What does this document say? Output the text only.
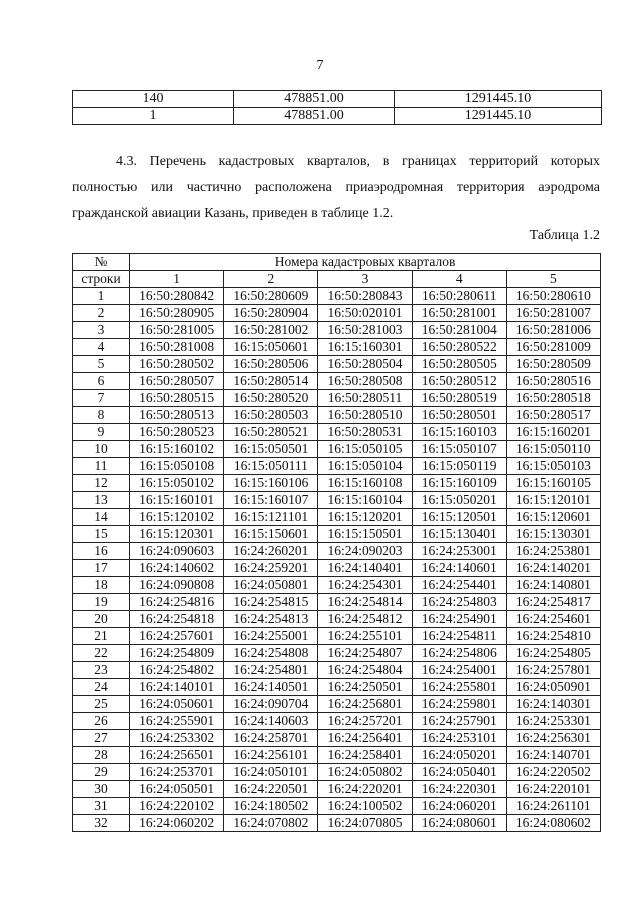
7
140	478851.00	1291445.10
1	478851.00	1291445.10

4.3. Перечень кадастровых кварталов, в границах территорий которых полностью или частично расположена приаэродромная территория аэродрома гражданской авиации Казань, приведен в таблице 1.2.

Таблица 1.2
№	Номера кадастровых кварталов				
строки	1	2	3	4	5
1	16:50:280842	16:50:280609	16:50:280843	16:50:280611	16:50:280610
2	16:50:280905	16:50:280904	16:50:020101	16:50:281001	16:50:281007
3	16:50:281005	16:50:281002	16:50:281003	16:50:281004	16:50:281006
4	16:50:281008	16:15:050601	16:15:160301	16:50:280522	16:50:281009
5	16:50:280502	16:50:280506	16:50:280504	16:50:280505	16:50:280509
6	16:50:280507	16:50:280514	16:50:280508	16:50:280512	16:50:280516
7	16:50:280515	16:50:280520	16:50:280511	16:50:280519	16:50:280518
8	16:50:280513	16:50:280503	16:50:280510	16:50:280501	16:50:280517
9	16:50:280523	16:50:280521	16:50:280531	16:15:160103	16:15:160201
10	16:15:160102	16:15:050501	16:15:050105	16:15:050107	16:15:050110
11	16:15:050108	16:15:050111	16:15:050104	16:15:050119	16:15:050103
12	16:15:050102	16:15:160106	16:15:160108	16:15:160109	16:15:160105
13	16:15:160101	16:15:160107	16:15:160104	16:15:050201	16:15:120101
14	16:15:120102	16:15:121101	16:15:120201	16:15:120501	16:15:120601
15	16:15:120301	16:15:150601	16:15:150501	16:15:130401	16:15:130301
16	16:24:090603	16:24:260201	16:24:090203	16:24:253001	16:24:253801
17	16:24:140602	16:24:259201	16:24:140401	16:24:140601	16:24:140201
18	16:24:090808	16:24:050801	16:24:254301	16:24:254401	16:24:140801
19	16:24:254816	16:24:254815	16:24:254814	16:24:254803	16:24:254817
20	16:24:254818	16:24:254813	16:24:254812	16:24:254901	16:24:254601
21	16:24:257601	16:24:255001	16:24:255101	16:24:254811	16:24:254810
22	16:24:254809	16:24:254808	16:24:254807	16:24:254806	16:24:254805
23	16:24:254802	16:24:254801	16:24:254804	16:24:254001	16:24:257801
24	16:24:140101	16:24:140501	16:24:250501	16:24:255801	16:24:050901
25	16:24:050601	16:24:090704	16:24:256801	16:24:259801	16:24:140301
26	16:24:255901	16:24:140603	16:24:257201	16:24:257901	16:24:253301
27	16:24:253302	16:24:258701	16:24:256401	16:24:253101	16:24:256301
28	16:24:256501	16:24:256101	16:24:258401	16:24:050201	16:24:140701
29	16:24:253701	16:24:050101	16:24:050802	16:24:050401	16:24:220502
30	16:24:050501	16:24:220501	16:24:220201	16:24:220301	16:24:220101
31	16:24:220102	16:24:180502	16:24:100502	16:24:060201	16:24:261101
32	16:24:060202	16:24:070802	16:24:070805	16:24:080601	16:24:080602
